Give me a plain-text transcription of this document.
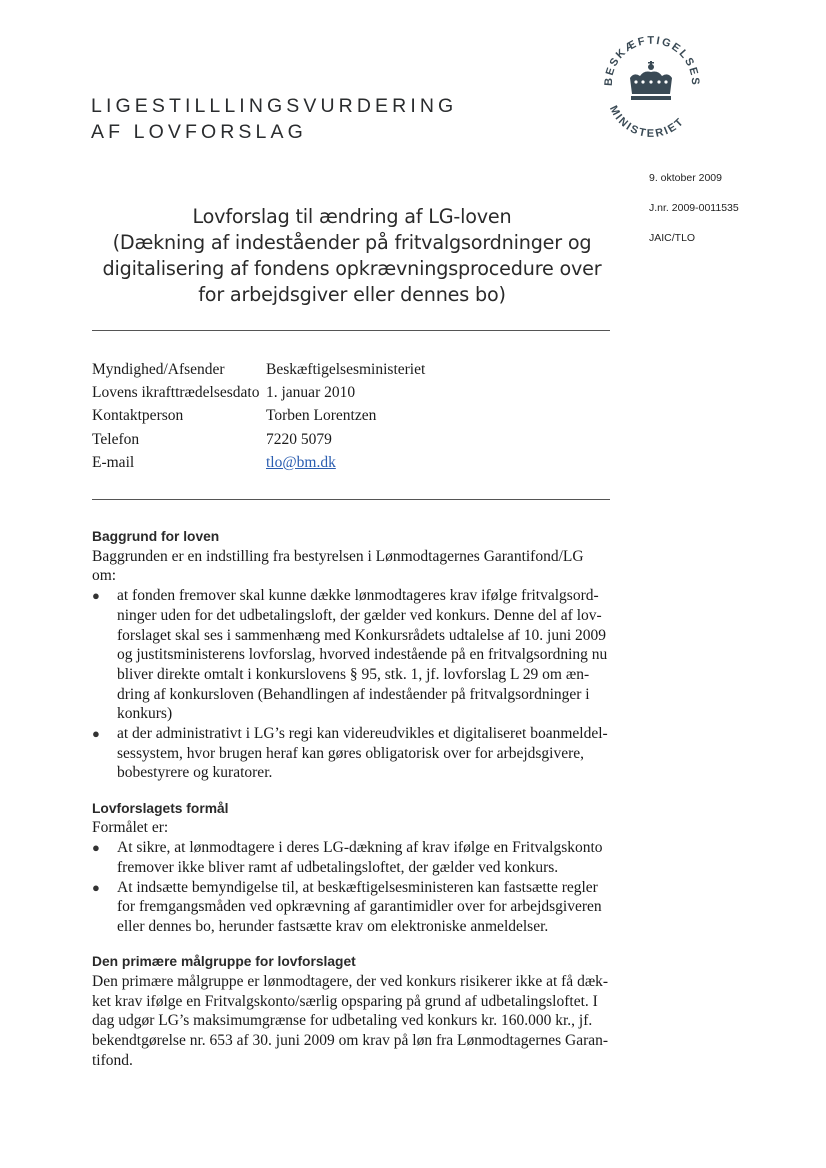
LIGESTILLLINGSVURDERING
AF LOVFORSLAG
BESKÆFTIGELSES
MINISTERIET
9. oktober 2009
J.nr. 2009-0011535
JAIC/TLO
Lovforslag til ændring af LG-loven
(Dækning af indeståender på fritvalgsordninger og
digitalisering af fondens opkrævningsprocedure over
for arbejdsgiver eller dennes bo)
Myndighed/Afsender	Beskæftigelsesministeriet
Lovens ikrafttrædelsesdato 1. januar 2010
Kontaktperson	Torben Lorentzen
Telefon	7220 5079
E-mail	tlo@bm.dk
Baggrund for loven
Baggrunden er en indstilling fra bestyrelsen i Lønmodtagernes Garantifond/LG
om:
● at fonden fremover skal kunne dække lønmodtageres krav ifølge fritvalgsord-
ninger uden for det udbetalingsloft, der gælder ved konkurs. Denne del af lov-
forslaget skal ses i sammenhæng med Konkursrådets udtalelse af 10. juni 2009
og justitsministerens lovforslag, hvorved indestående på en fritvalgsordning nu
bliver direkte omtalt i konkurslovens § 95, stk. 1, jf. lovforslag L 29 om æn-
dring af konkursloven (Behandlingen af indeståender på fritvalgsordninger i
konkurs)
● at der administrativt i LG’s regi kan videreudvikles et digitaliseret boanmeldel-
sessystem, hvor brugen heraf kan gøres obligatorisk over for arbejdsgivere,
bobestyrere og kuratorer.
Lovforslagets formål
Formålet er:
● At sikre, at lønmodtagere i deres LG-dækning af krav ifølge en Fritvalgskonto
fremover ikke bliver ramt af udbetalingsloftet, der gælder ved konkurs.
● At indsætte bemyndigelse til, at beskæftigelsesministeren kan fastsætte regler
for fremgangsmåden ved opkrævning af garantimidler over for arbejdsgiveren
eller dennes bo, herunder fastsætte krav om elektroniske anmeldelser.
Den primære målgruppe for lovforslaget
Den primære målgruppe er lønmodtagere, der ved konkurs risikerer ikke at få dæk-
ket krav ifølge en Fritvalgskonto/særlig opsparing på grund af udbetalingsloftet. I
dag udgør LG’s maksimumgrænse for udbetaling ved konkurs kr. 160.000 kr., jf.
bekendtgørelse nr. 653 af 30. juni 2009 om krav på løn fra Lønmodtagernes Garan-
tifond.
